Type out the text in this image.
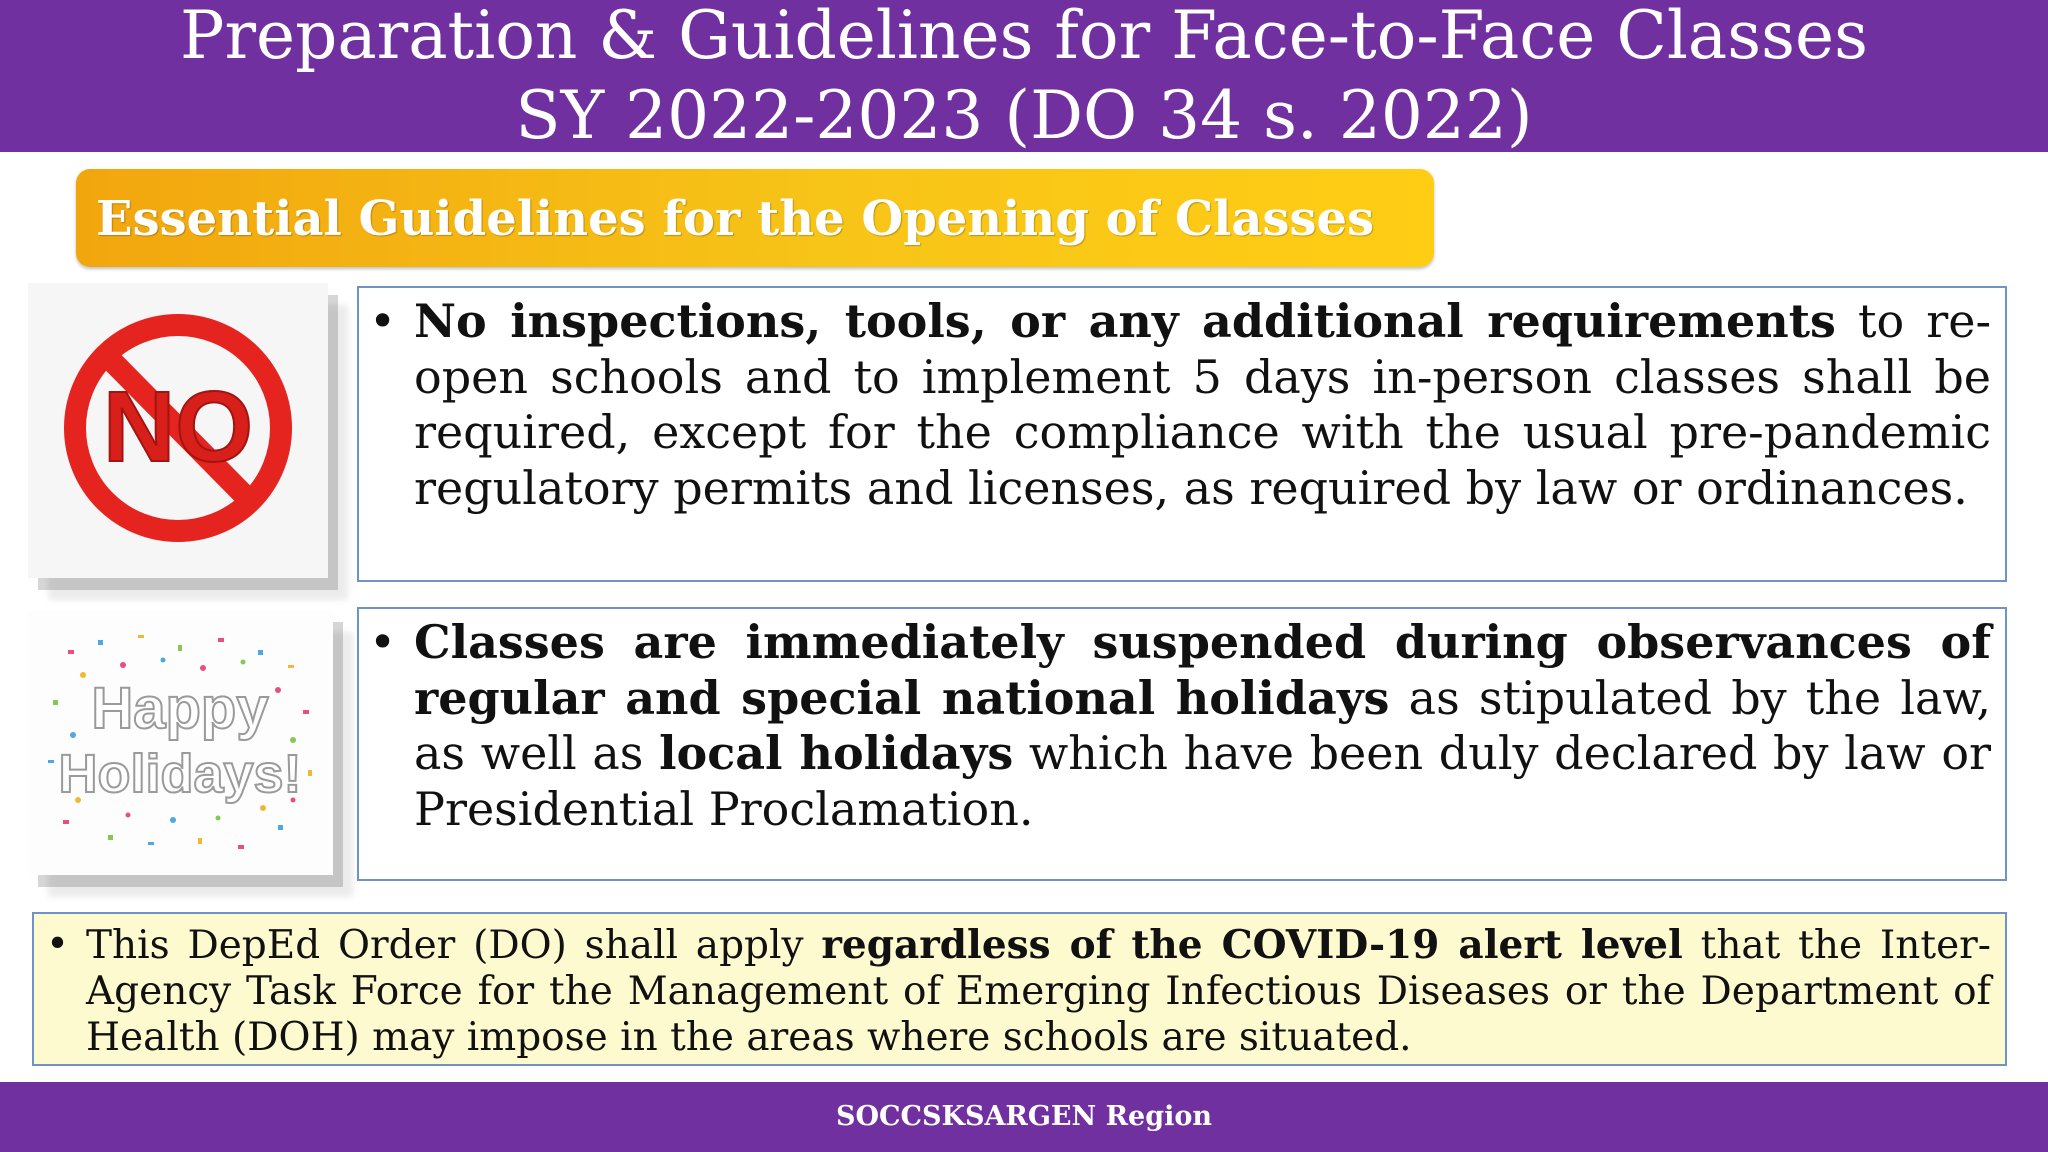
Preparation & Guidelines for Face-to-Face Classes
SY 2022-2023 (DO 34 s. 2022)
Essential Guidelines for the Opening of Classes
NO
Happy
Holidays!
• No inspections, tools, or any additional requirements to re-open schools and to implement 5 days in-person classes shall be required, except for the compliance with the usual pre-pandemic regulatory permits and licenses, as required by law or ordinances.
• Classes are immediately suspended during observances of regular and special national holidays as stipulated by the law, as well as local holidays which have been duly declared by law or Presidential Proclamation.
• This DepEd Order (DO) shall apply regardless of the COVID-19 alert level that the Inter-Agency Task Force for the Management of Emerging Infectious Diseases or the Department of Health (DOH) may impose in the areas where schools are situated.
SOCCSKSARGEN Region
